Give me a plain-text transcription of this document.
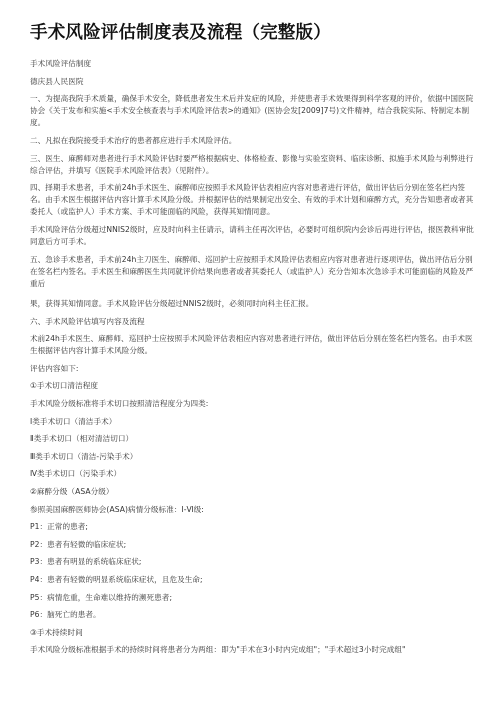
手术风险评估制度表及流程（完整版）

手术风险评估制度

德庆县人民医院

一、为提高我院手术质量，确保手术安全，降低患者发生术后并发症的风险，并使患者手术效果得到科学客观的评价，依据中国医院协会《关于发布和实施<手术安全核查表与手术风险评估表>的通知》(医协会发[2009]7号)文件精神，结合我院实际、特制定本制度。

二、凡拟在我院接受手术治疗的患者都应进行手术风险评估。

三、医生、麻醉师对患者进行手术风险评估时要严格根据病史、体格检查、影像与实验室资料、临床诊断、拟施手术风险与利弊进行综合评估，并填写《医院手术风险评估表》（见附件）。

四、择期手术患者，手术前24h手术医生、麻醉师应按照手术风险评估表相应内容对患者进行评估，做出评估后分别在签名栏内签名。由手术医生根据评估内容计算手术风险分级。并根据评估的结果制定出安全、有效的手术计划和麻醉方式，充分告知患者或者其委托人（或监护人）手术方案、手术可能面临的风险，获得其知情同意。

手术风险评估分级超过NNIS2级时，应及时向科主任请示，请科主任再次评估，必要时可组织院内会诊后再进行评估，报医教科审批同意后方可手术。

五、急诊手术患者，手术前24h主刀医生、麻醉师、巡回护士应按照手术风险评估表相应内容对患者进行逐项评估，做出评估后分别在签名栏内签名。手术医生和麻醉医生共同就评价结果向患者或者其委托人（或监护人）充分告知本次急诊手术可能面临的风险及严重后

果，获得其知情同意。手术风险评估分级超过NNIS2级时，必须同时向科主任汇报。

六、手术风险评估填写内容及流程

术前24h手术医生、麻醉师、巡回护士应按照手术风险评估表相应内容对患者进行评估，做出评估后分别在签名栏内签名。由手术医生根据评估内容计算手术风险分级。

评估内容如下:

①手术切口清洁程度

手术风险分级标准将手术切口按照清洁程度分为四类:

Ⅰ类手术切口（清洁手术）

Ⅱ类手术切口（相对清洁切口）

Ⅲ类手术切口（清洁-污染手术）

Ⅳ类手术切口（污染手术）

②麻醉分级（ASA分级）

参照美国麻醉医师协会(ASA)病情分级标准：Ⅰ-Ⅵ级:

P1：正常的患者;

P2：患者有轻微的临床症状;

P3：患者有明显的系统临床症状;

P4：患者有轻微的明显系统临床症状，且危及生命;

P5：病情危重，生命难以维持的濒死患者;

P6：脑死亡的患者。

③手术持续时间

手术风险分级标准根据手术的持续时间将患者分为两组：即为"手术在3小时内完成组"；"手术超过3小时完成组"
